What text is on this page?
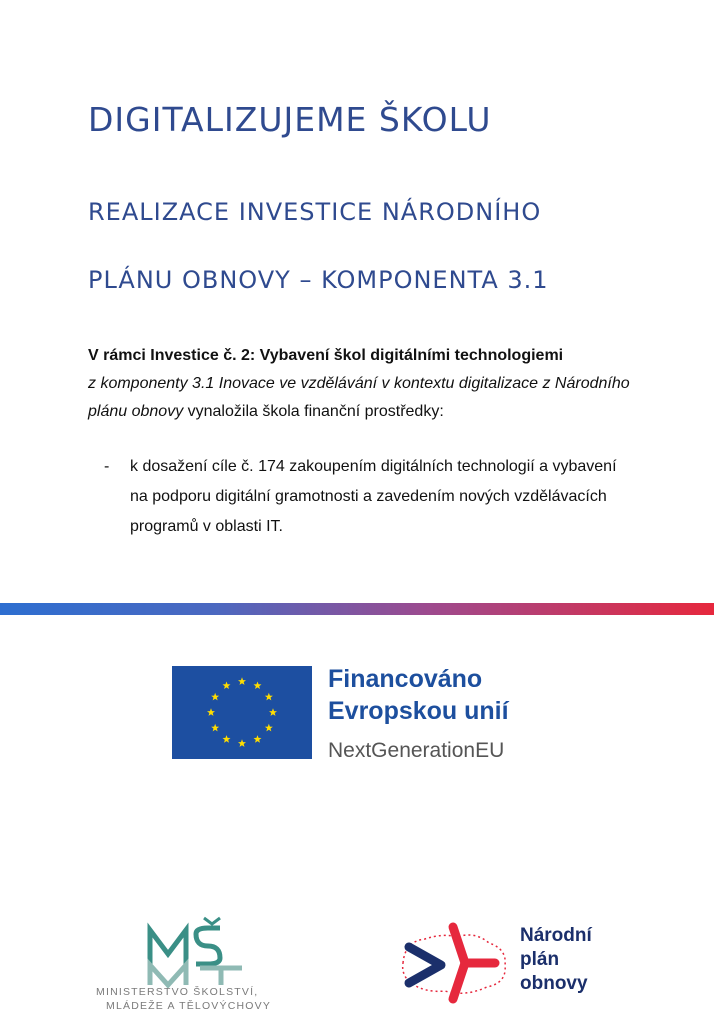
DIGITALIZUJEME ŠKOLU
REALIZACE INVESTICE NÁRODNÍHO
PLÁNU OBNOVY – KOMPONENTA 3.1
V rámci Investice č. 2: Vybavení škol digitálními technologiemi
z komponenty 3.1 Inovace ve vzdělávání v kontextu digitalizace z Národního plánu obnovy vynaložila škola finanční prostředky:
- k dosažení cíle č. 174 zakoupením digitálních technologií a vybavení na podporu digitální gramotnosti a zavedením nových vzdělávacích programů v oblasti IT.
Financováno
Evropskou unií
NextGenerationEU
MINISTERSTVO ŠKOLSTVÍ,
MLÁDEŽE A TĚLOVÝCHOVY
Národní
plán
obnovy
